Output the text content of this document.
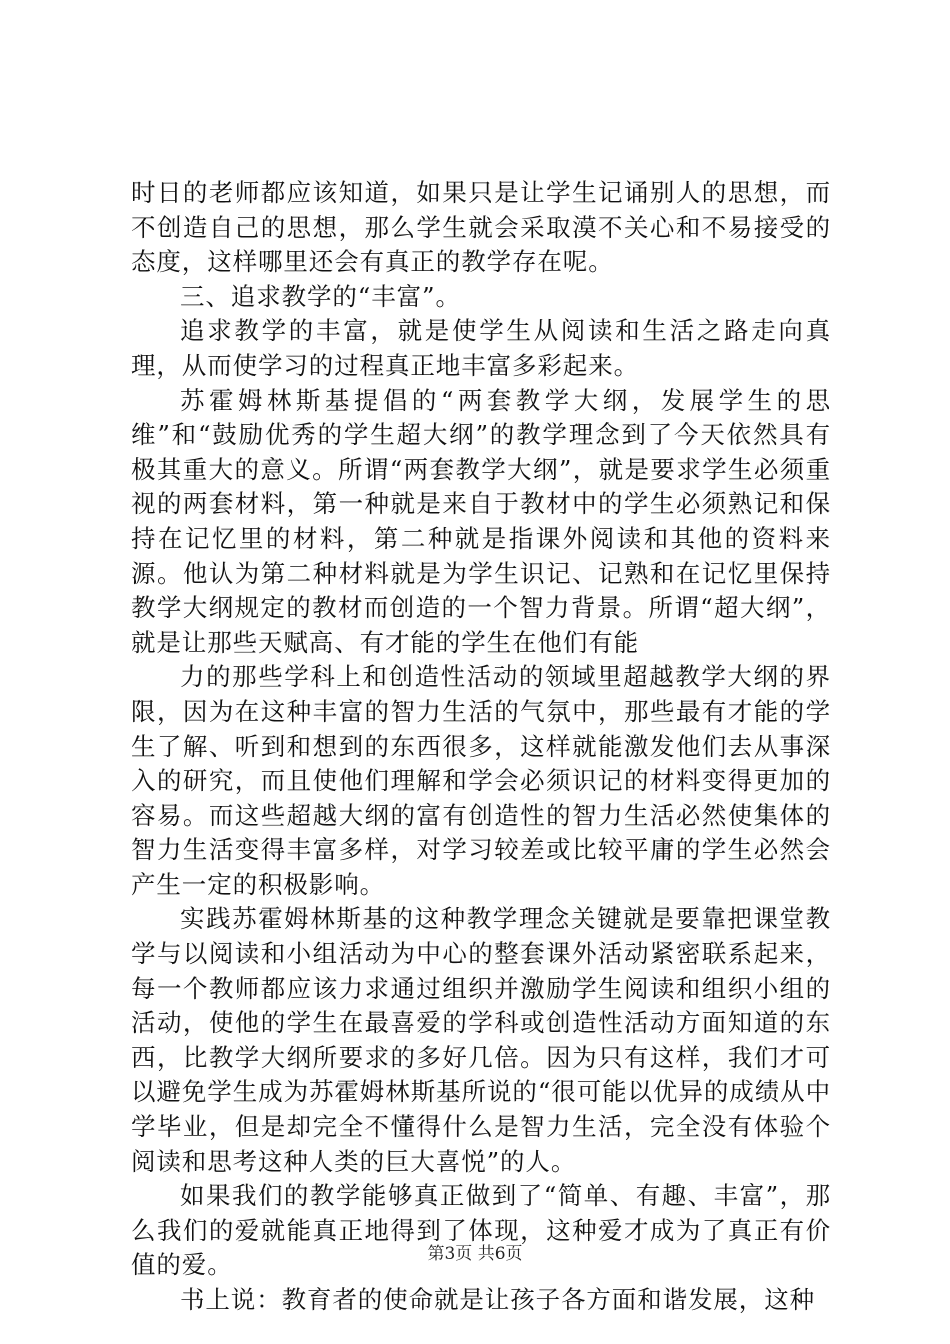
时日的老师都应该知道，如果只是让学生记诵别人的思想，而不创造自己的思想，那么学生就会采取漠不关心和不易接受的态度，这样哪里还会有真正的教学存在呢。

三、追求教学的“丰富”。

追求教学的丰富，就是使学生从阅读和生活之路走向真理，从而使学习的过程真正地丰富多彩起来。

苏霍姆林斯基提倡的“两套教学大纲，发展学生的思维”和“鼓励优秀的学生超大纲”的教学理念到了今天依然具有极其重大的意义。所谓“两套教学大纲”，就是要求学生必须重视的两套材料，第一种就是来自于教材中的学生必须熟记和保持在记忆里的材料，第二种就是指课外阅读和其他的资料来源。他认为第二种材料就是为学生识记、记熟和在记忆里保持教学大纲规定的教材而创造的一个智力背景。所谓“超大纲”，就是让那些天赋高、有才能的学生在他们有能

力的那些学科上和创造性活动的领域里超越教学大纲的界限，因为在这种丰富的智力生活的气氛中，那些最有才能的学生了解、听到和想到的东西很多，这样就能激发他们去从事深入的研究，而且使他们理解和学会必须识记的材料变得更加的容易。而这些超越大纲的富有创造性的智力生活必然使集体的智力生活变得丰富多样，对学习较差或比较平庸的学生必然会产生一定的积极影响。

实践苏霍姆林斯基的这种教学理念关键就是要靠把课堂教学与以阅读和小组活动为中心的整套课外活动紧密联系起来，每一个教师都应该力求通过组织并激励学生阅读和组织小组的活动，使他的学生在最喜爱的学科或创造性活动方面知道的东西，比教学大纲所要求的多好几倍。因为只有这样，我们才可以避免学生成为苏霍姆林斯基所说的“很可能以优异的成绩从中学毕业，但是却完全不懂得什么是智力生活，完全没有体验个阅读和思考这种人类的巨大喜悦”的人。

如果我们的教学能够真正做到了“简单、有趣、丰富”，那么我们的爱就能真正地得到了体现，这种爱才成为了真正有价值的爱。

书上说：教育者的使命就是让孩子各方面和谐发展，这种

第3页 共6页
